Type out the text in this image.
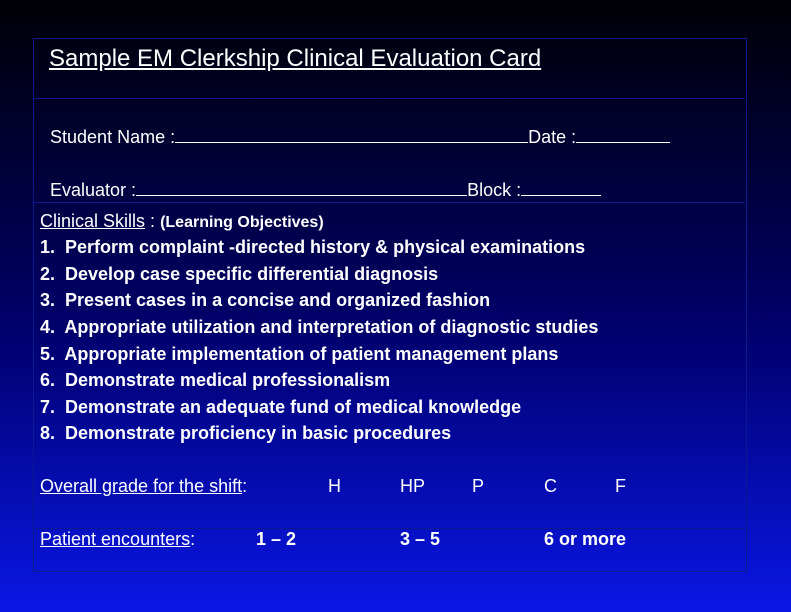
Sample EM Clerkship Clinical Evaluation Card

Student Name :	Date :

Evaluator :	Block :

Clinical Skills : (Learning Objectives)
1.  Perform complaint -directed history & physical examinations
2.  Develop case specific differential diagnosis
3.  Present cases in a concise and organized fashion
4.  Appropriate utilization and interpretation of diagnostic studies
5.  Appropriate implementation of patient management plans
6.  Demonstrate medical professionalism
7.  Demonstrate an adequate fund of medical knowledge
8.  Demonstrate proficiency in basic procedures
Overall grade for the shift:	H	HP	P	C	F
Patient encounters:	1 – 2	3 – 5	6 or more
